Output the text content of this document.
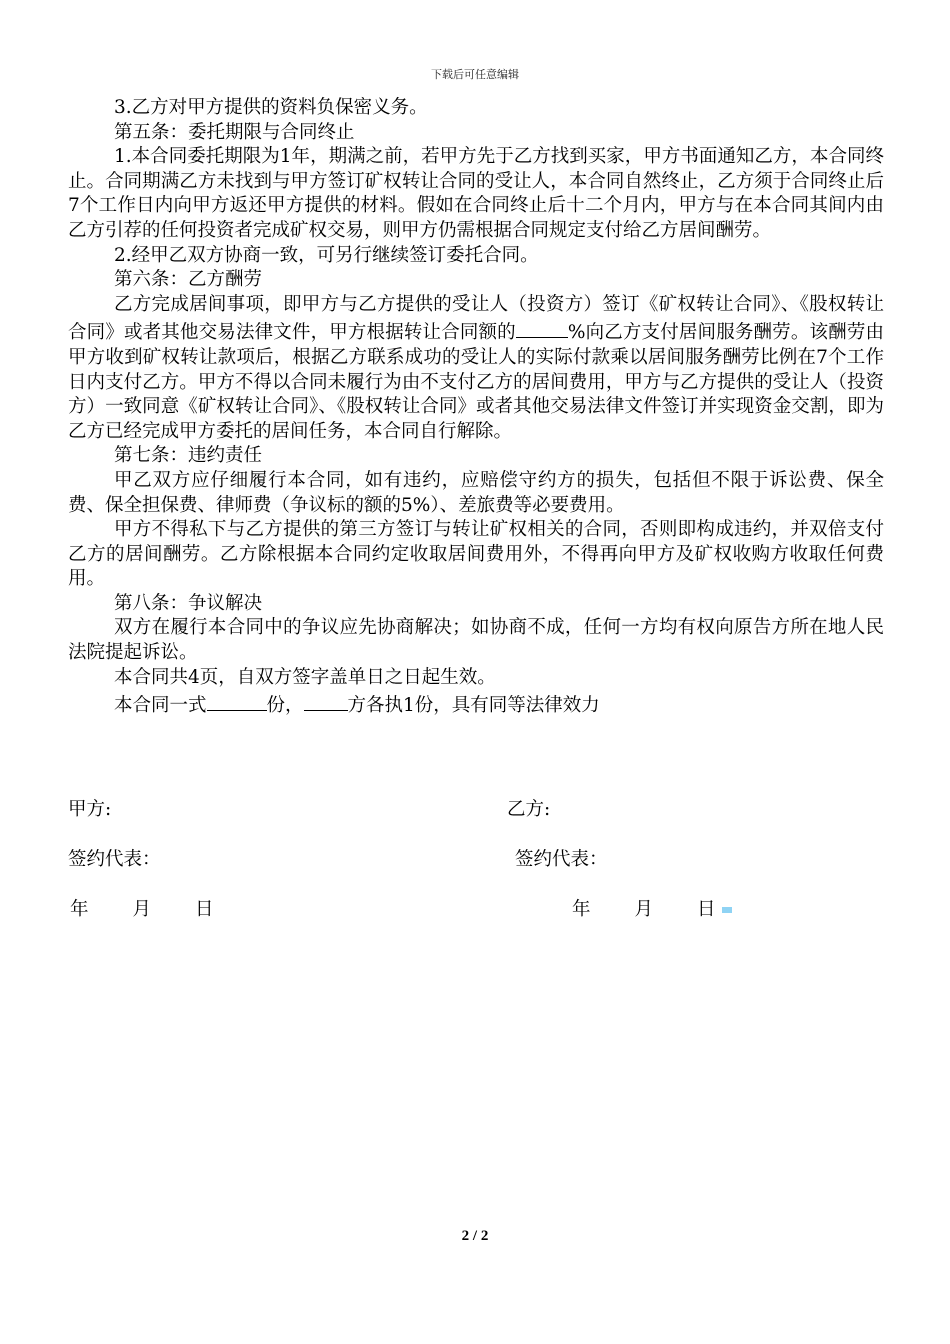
下载后可任意编辑

3.乙方对甲方提供的资料负保密义务。

第五条：委托期限与合同终止

1.本合同委托期限为1年，期满之前，若甲方先于乙方找到买家，甲方书面通知乙方，本合同终止。合同期满乙方未找到与甲方签订矿权转让合同的受让人，本合同自然终止，乙方须于合同终止后7个工作日内向甲方返还甲方提供的材料。假如在合同终止后十二个月内，甲方与在本合同其间内由乙方引荐的任何投资者完成矿权交易，则甲方仍需根据合同规定支付给乙方居间酬劳。

2.经甲乙双方协商一致，可另行继续签订委托合同。

第六条：乙方酬劳

乙方完成居间事项，即甲方与乙方提供的受让人（投资方）签订《矿权转让合同》、《股权转让合同》或者其他交易法律文件，甲方根据转让合同额的	%向乙方支付居间服务酬劳。该酬劳由甲方收到矿权转让款项后，根据乙方联系成功的受让人的实际付款乘以居间服务酬劳比例在7个工作日内支付乙方。甲方不得以合同未履行为由不支付乙方的居间费用，甲方与乙方提供的受让人（投资方）一致同意《矿权转让合同》、《股权转让合同》或者其他交易法律文件签订并实现资金交割，即为乙方已经完成甲方委托的居间任务，本合同自行解除。

第七条：违约责任

甲乙双方应仔细履行本合同，如有违约，应赔偿守约方的损失，包括但不限于诉讼费、保全费、保全担保费、律师费（争议标的额的5%）、差旅费等必要费用。

甲方不得私下与乙方提供的第三方签订与转让矿权相关的合同，否则即构成违约，并双倍支付乙方的居间酬劳。乙方除根据本合同约定收取居间费用外，不得再向甲方及矿权收购方收取任何费用。

第八条：争议解决

双方在履行本合同中的争议应先协商解决；如协商不成，任何一方均有权向原告方所在地人民法院提起诉讼。

本合同共4页，自双方签字盖单日之日起生效。

本合同一式	份， 方各执1份，具有同等法律效力

甲方:	乙方:
签约代表：	签约代表：
年 月 日	年 月 日
2 / 2
